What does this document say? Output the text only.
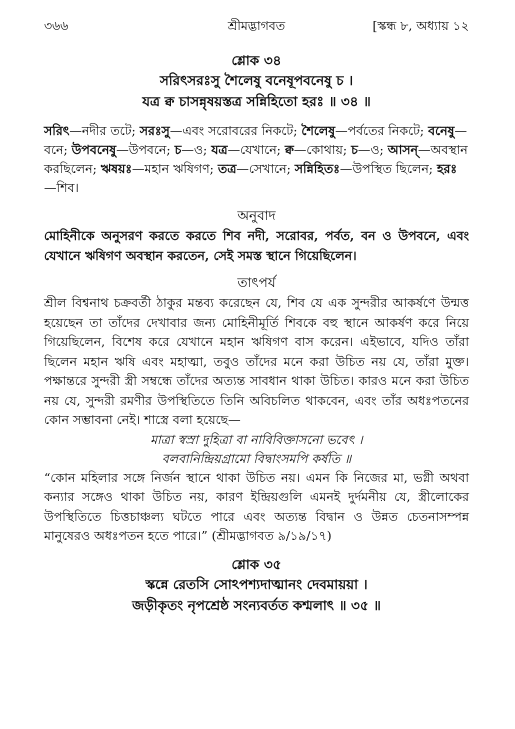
৩৬৬	শ্রীমদ্ভাগবত	[স্কন্ধ ৮, অধ্যায় ১২
শ্লোক ৩৪
সরিৎসরঃসু শৈলেষু বনেষূপবনেষু চ ।
যত্র ক্ব চাসন্নৃষয়স্তত্র সন্নিহিতো হরঃ ॥ ৩৪ ॥
সরিৎ—নদীর তটে; সরঃসু—এবং সরোবরের নিকটে; শৈলেষু—পর্বতের নিকটে; বনেষু—বনে; উপবনেষু—উপবনে; চ—ও; যত্র—যেখানে; ক্ব—কোথায়; চ—ও; আসন্—অবস্থান করছিলেন; ঋষয়ঃ—মহান ঋষিগণ; তত্র—সেখানে; সন্নিহিতঃ—উপস্থিত ছিলেন; হরঃ—শিব।
অনুবাদ
মোহিনীকে অনুসরণ করতে করতে শিব নদী, সরোবর, পর্বত, বন ও উপবনে, এবং যেখানে ঋষিগণ অবস্থান করতেন, সেই সমস্ত স্থানে গিয়েছিলেন।
তাৎপর্য
শ্রীল বিশ্বনাথ চক্রবর্তী ঠাকুর মন্তব্য করেছেন যে, শিব যে এক সুন্দরীর আকর্ষণে উন্মত্ত হয়েছেন তা তাঁদের দেখাবার জন্য মোহিনীমূর্তি শিবকে বহু স্থানে আকর্ষণ করে নিয়ে গিয়েছিলেন, বিশেষ করে যেখানে মহান ঋষিগণ বাস করেন। এইভাবে, যদিও তাঁরা ছিলেন মহান ঋষি এবং মহাত্মা, তবুও তাঁদের মনে করা উচিত নয় যে, তাঁরা মুক্ত। পক্ষান্তরে সুন্দরী স্ত্রী সম্বন্ধে তাঁদের অত্যন্ত সাবধান থাকা উচিত। কারও মনে করা উচিত নয় যে, সুন্দরী রমণীর উপস্থিতিতে তিনি অবিচলিত থাকবেন, এবং তাঁর অধঃপতনের কোন সম্ভাবনা নেই। শাস্ত্রে বলা হয়েছে—
মাত্রা স্বস্রা দুহিত্রা বা নাবিবিক্তাসনো ভবেৎ ।
বলবানিন্দ্রিয়গ্রামো বিদ্বাংসমপি কর্ষতি ॥
“কোন মহিলার সঙ্গে নির্জন স্থানে থাকা উচিত নয়। এমন কি নিজের মা, ভগ্নী অথবা কন্যার সঙ্গেও থাকা উচিত নয়, কারণ ইন্দ্রিয়গুলি এমনই দুর্দমনীয় যে, স্ত্রীলোকের উপস্থিতিতে চিত্তচাঞ্চল্য ঘটতে পারে এবং অত্যন্ত বিদ্বান ও উন্নত চেতনাসম্পন্ন মানুষেরও অধঃপতন হতে পারে।” (শ্রীমদ্ভাগবত ৯/১৯/১৭)
শ্লোক ৩৫
স্কন্নে রেতসি সোঽপশ্যদাত্মানং দেবমায়য়া ।
জড়ীকৃতং নৃপশ্রেষ্ঠ সংন্যবর্তত কশ্মলাৎ ॥ ৩৫ ॥
